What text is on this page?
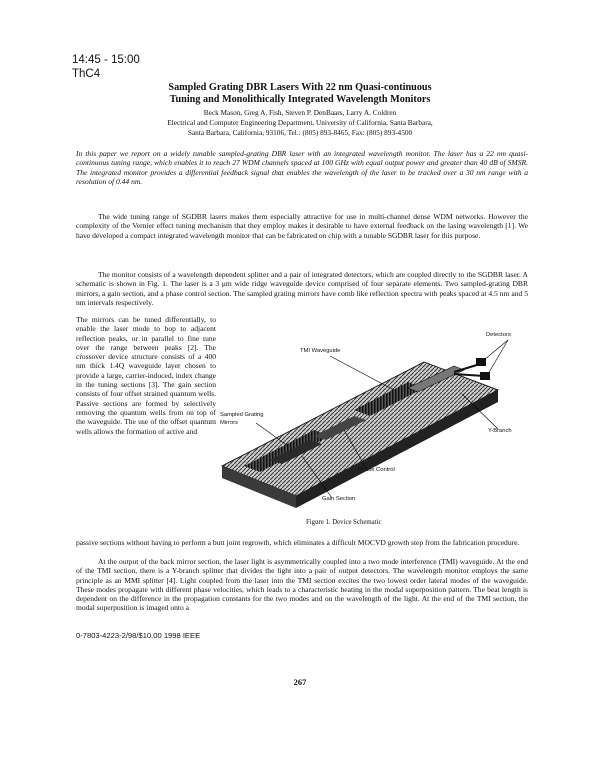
14:45 - 15:00
ThC4
Sampled Grating DBR Lasers With 22 nm Quasi-continuous
Tuning and Monolithically Integrated Wavelength Monitors
Beck Mason, Greg A. Fish, Steven P. DenBaars, Larry A. Coldren
Electrical and Computer Engineering Department, University of California, Santa Barbara,
Santa Barbara, California, 93106, Tel.: (805) 893-8465, Fax: (805) 893-4500
In this paper we report on a widely tunable sampled-grating DBR laser with an integrated wavelength monitor. The laser has a 22 nm quasi-continuous tuning range, which enables it to reach 27 WDM channels spaced at 100 GHz with equal output power and greater than 40 dB of SMSR. The integrated monitor provides a differential feedback signal that enables the wavelength of the laser to be tracked over a 30 nm range with a resolution of 0.44 nm.
The wide tuning range of SGDBR lasers makes them especially attractive for use in multi-channel dense WDM networks. However the complexity of the Vernier effect tuning mechanism that they employ makes it desirable to have external feedback on the lasing wavelength [1]. We have developed a compact integrated wavelength monitor that can be fabricated on chip with a tunable SGDBR laser for this purpose.
The monitor consists of a wavelength dependent splitter and a pair of integrated detectors, which are coupled directly to the SGDBR laser. A schematic is shown in Fig. 1. The laser is a 3 μm wide ridge waveguide device comprised of four separate elements. Two sampled-grating DBR mirrors, a gain section, and a phase control section. The sampled grating mirrors have comb like reflection spectra with peaks spaced at 4.5 nm and 5 nm intervals respectively.
The mirrors can be tuned differentially, to enable the laser mode to hop to adjacent reflection peaks, or in parallel to fine tune over the range between peaks [2]. The crossover device structure consists of a 400 nm thick 1.4Q waveguide layer chosen to provide a large, carrier-induced, index change in the tuning sections [3]. The gain section consists of four offset strained quantum wells. Passive sections are formed by selectively removing the quantum wells from on top of the waveguide. The use of the offset quantum wells allows the formation of active and
Detectors
TMI Waveguide
Sampled Grating
Mirrors
Y-Branch
Phase Control
Gain Section
Figure 1. Device Schematic
passive sections without having to perform a butt joint regrowth, which eliminates a difficult MOCVD growth step from the fabrication procedure.
At the output of the back mirror section, the laser light is asymmetrically coupled into a two mode interference (TMI) waveguide. At the end of the TMI section, there is a Y-branch splitter that divides the light into a pair of output detectors. The wavelength monitor employs the same principle as an MMI splitter [4]. Light coupled from the laser into the TMI section excites the two lowest order lateral modes of the waveguide. These modes propagate with different phase velocities, which leads to a characteristic beating in the modal superposition pattern. The beat length is dependent on the difference in the propagation constants for the two modes and on the wavelength of the light. At the end of the TMI section, the modal superposition is imaged onto a
0-7803-4223-2/98/$10.00 1998 IEEE
267
